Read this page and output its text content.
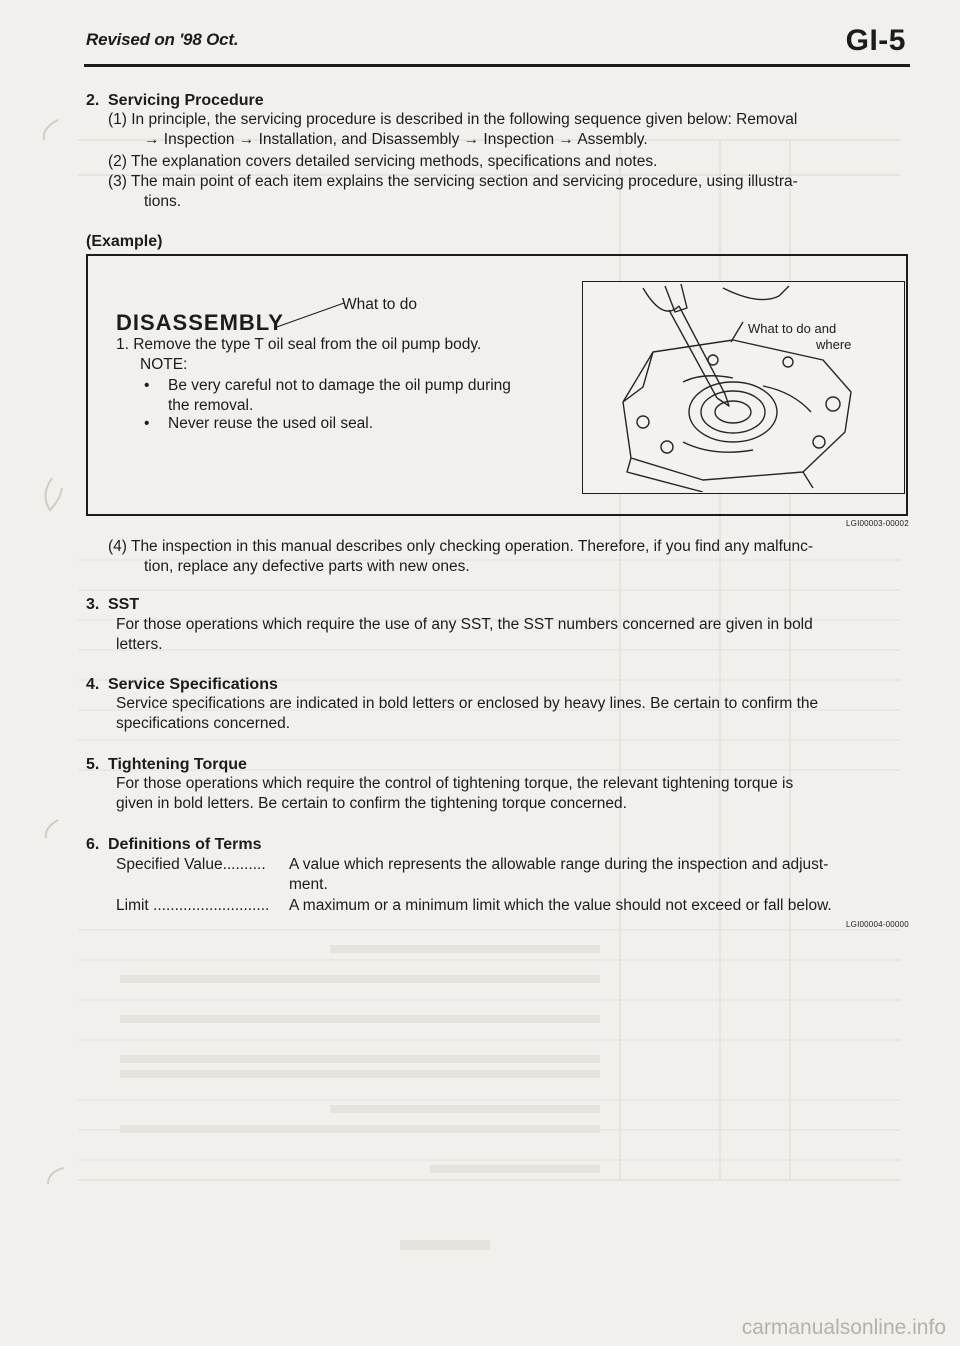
Revised on '98 Oct.	GI-5
2. Servicing Procedure
(1) In principle, the servicing procedure is described in the following sequence given below: Removal
→ Inspection → Installation, and Disassembly → Inspection → Assembly.
(2) The explanation covers detailed servicing methods, specifications and notes.
(3) The main point of each item explains the servicing section and servicing procedure, using illustra-
tions.
(Example)
DISASSEMBLY
What to do
1. Remove the type T oil seal from the oil pump body.
NOTE:
• Be very careful not to damage the oil pump during
the removal.
• Never reuse the used oil seal.
What to do and
where
LGI00003-00002
(4) The inspection in this manual describes only checking operation. Therefore, if you find any malfunc-
tion, replace any defective parts with new ones.
3. SST
For those operations which require the use of any SST, the SST numbers concerned are given in bold
letters.
4. Service Specifications
Service specifications are indicated in bold letters or enclosed by heavy lines. Be certain to confirm the
specifications concerned.
5. Tightening Torque
For those operations which require the control of tightening torque, the relevant tightening torque is
given in bold letters. Be certain to confirm the tightening torque concerned.
6. Definitions of Terms
Specified Value.......... A value which represents the allowable range during the inspection and adjust-
ment.
Limit ........................... A maximum or a minimum limit which the value should not exceed or fall below.
LGI00004-00000
carmanualsonline.info
